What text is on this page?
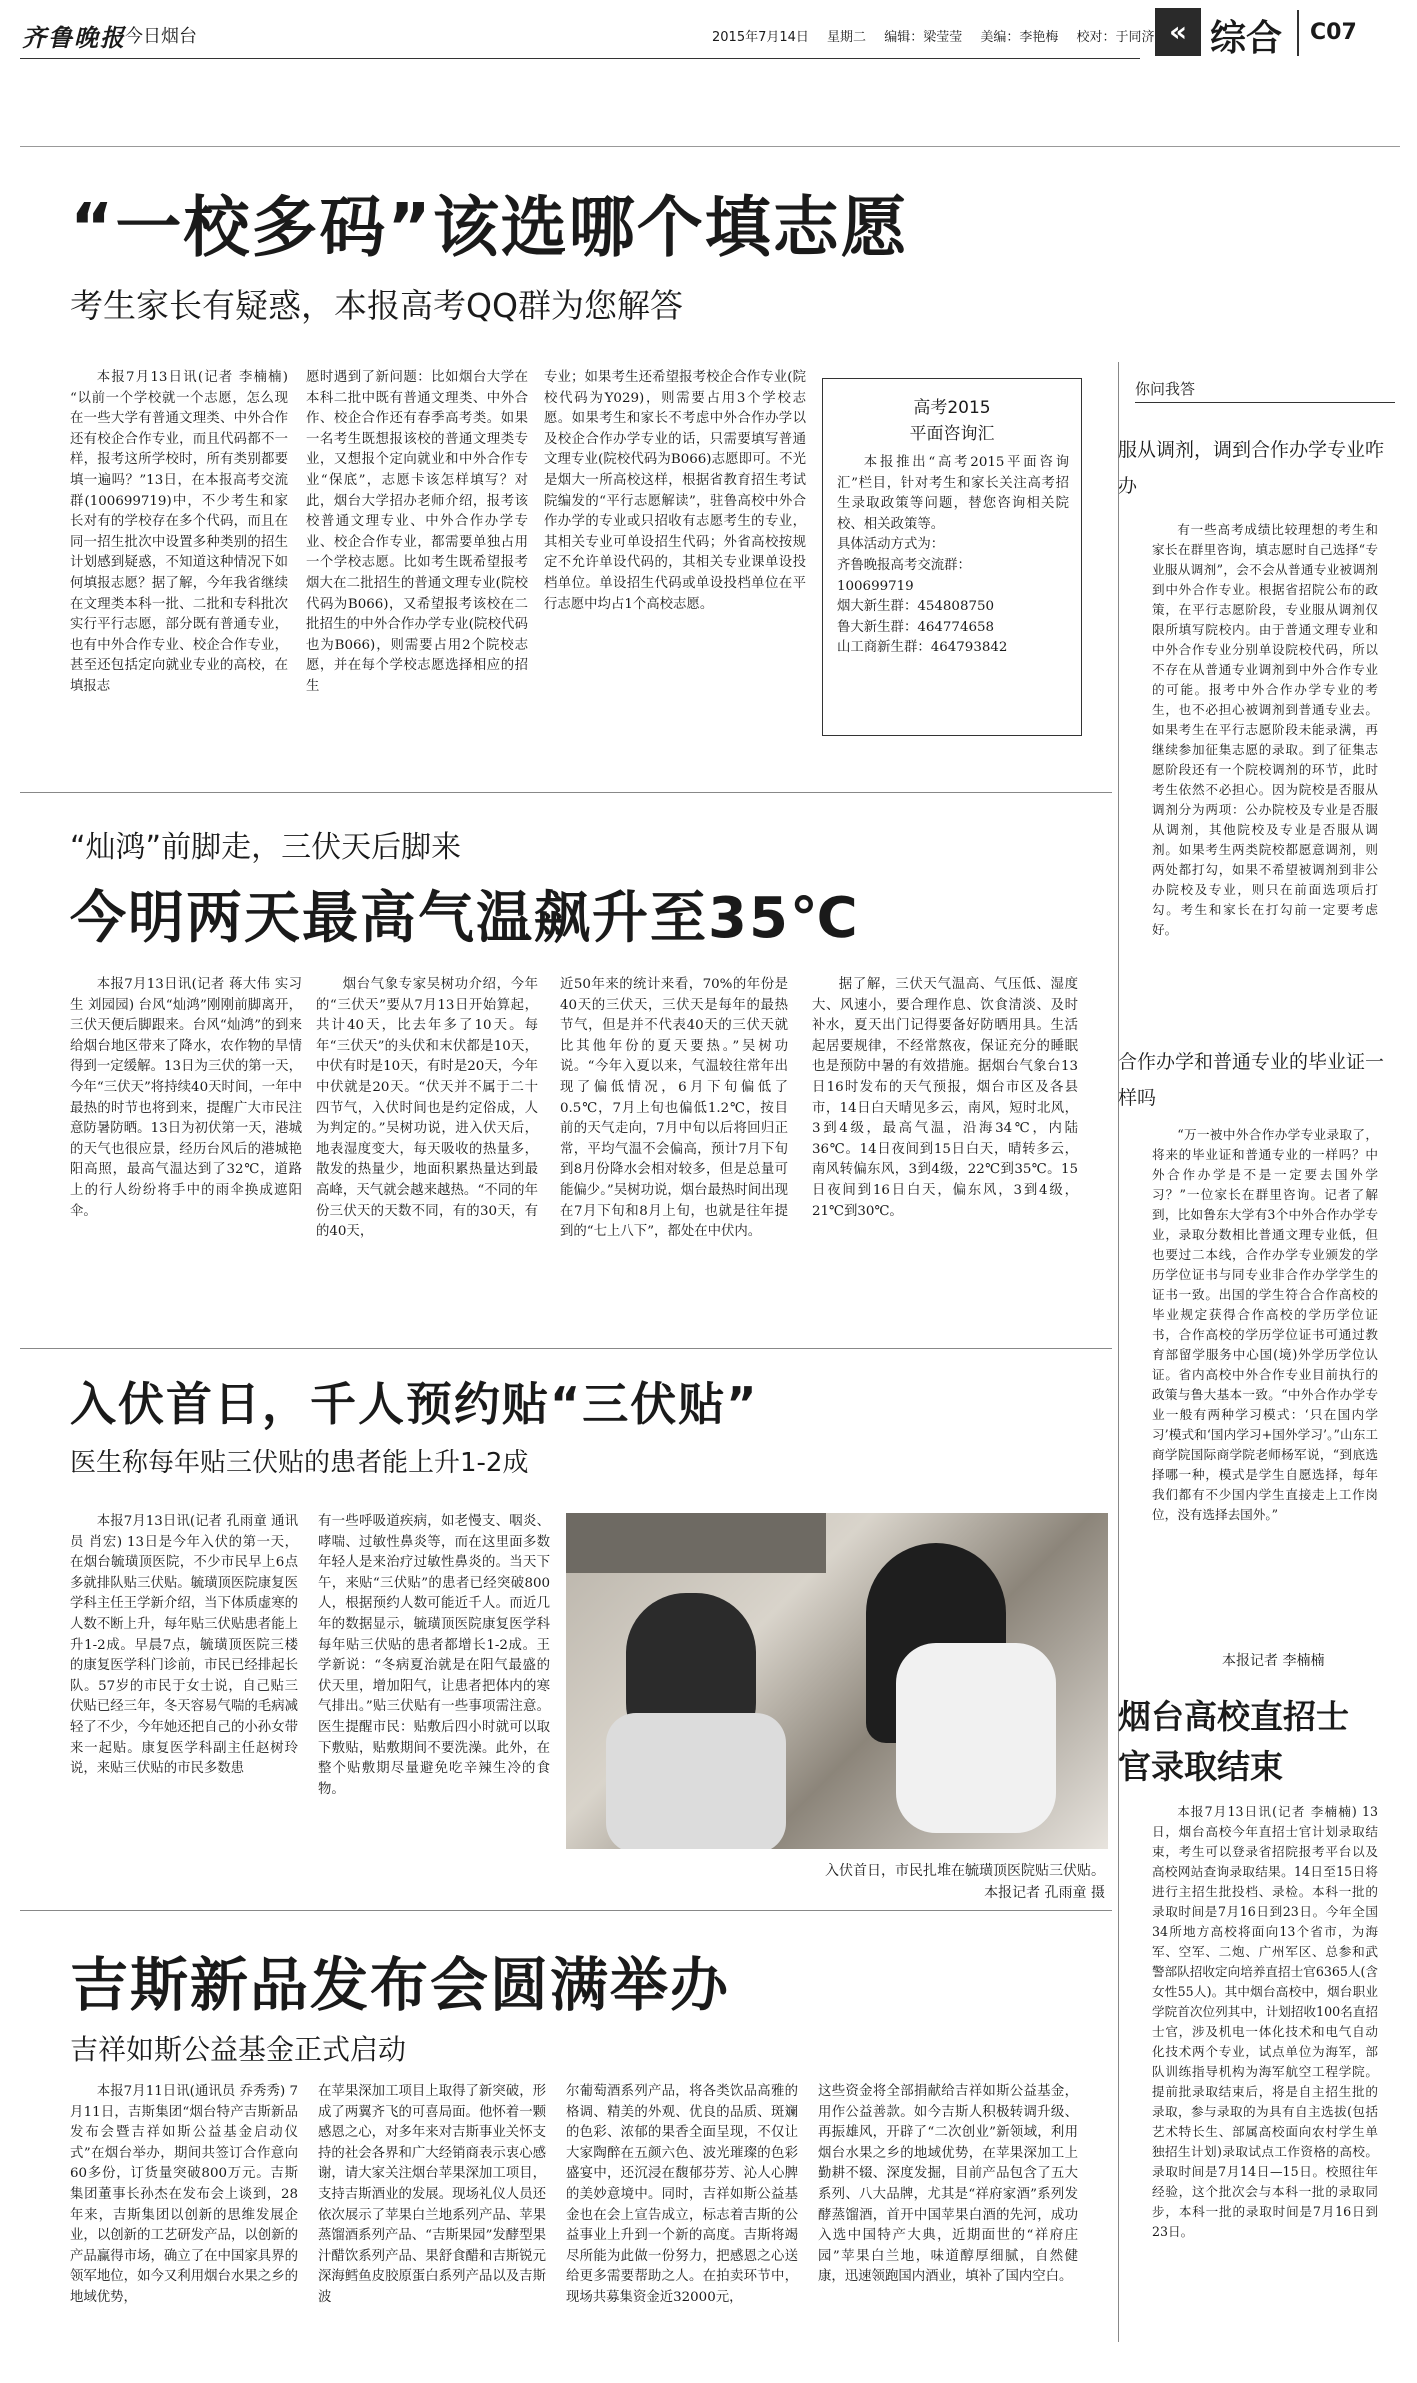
齐鲁晚报 今日烟台	2015年7月14日 星期二 编辑：梁莹莹 美编：李艳梅 校对：于同济 « 综合 C07
“一校多码”该选哪个填志愿
考生家长有疑惑，本报高考QQ群为您解答

本报7月13日讯(记者 李楠楠) “以前一个学校就一个志愿，怎么现在一些大学有普通文理类、中外合作还有校企合作专业，而且代码都不一样，报考这所学校时，所有类别都要填一遍吗？”13日，在本报高考交流群(100699719)中，不少考生和家长对有的学校存在多个代码，而且在同一招生批次中设置多种类别的招生计划感到疑惑，不知道这种情况下如何填报志愿？据了解，今年我省继续在文理类本科一批、二批和专科批次实行平行志愿，部分既有普通专业，也有中外合作专业、校企合作专业，甚至还包括定向就业专业的高校，在填报志

愿时遇到了新问题：比如烟台大学在本科二批中既有普通文理类、中外合作、校企合作还有春季高考类。如果一名考生既想报该校的普通文理类专业，又想报个定向就业和中外合作专业“保底”，志愿卡该怎样填写？对此，烟台大学招办老师介绍，报考该校普通文理专业、中外合作办学专业、校企合作专业，都需要单独占用一个学校志愿。比如考生既希望报考烟大在二批招生的普通文理专业(院校代码为B066)，又希望报考该校在二批招生的中外合作办学专业(院校代码也为B066)，则需要占用2个院校志愿，并在每个学校志愿选择相应的招生

专业；如果考生还希望报考校企合作专业(院校代码为Y029)，则需要占用3个学校志愿。如果考生和家长不考虑中外合作办学以及校企合作办学专业的话，只需要填写普通文理专业(院校代码为B066)志愿即可。不光是烟大一所高校这样，根据省教育招生考试院编发的“平行志愿解读”，驻鲁高校中外合作办学的专业或只招收有志愿考生的专业，其相关专业可单设招生代码；外省高校按规定不允许单设代码的，其相关专业课单设投档单位。单设招生代码或单设投档单位在平行志愿中均占1个高校志愿。

高考2015
平面咨询汇
本报推出“高考2015平面咨询汇”栏目，针对考生和家长关注高考招生录取政策等问题，替您咨询相关院校、相关政策等。
具体活动方式为：
齐鲁晚报高考交流群：
100699719
烟大新生群：454808750
鲁大新生群：464774658
山工商新生群：464793842
你问我答
服从调剂，调到合作办学专业咋办

有一些高考成绩比较理想的考生和家长在群里咨询，填志愿时自己选择“专业服从调剂”，会不会从普通专业被调剂到中外合作专业。根据省招院公布的政策，在平行志愿阶段，专业服从调剂仅限所填写院校内。由于普通文理专业和中外合作专业分别单设院校代码，所以不存在从普通专业调剂到中外合作专业的可能。报考中外合作办学专业的考生，也不必担心被调剂到普通专业去。如果考生在平行志愿阶段未能录满，再继续参加征集志愿的录取。到了征集志愿阶段还有一个院校调剂的环节，此时考生依然不必担心。因为院校是否服从调剂分为两项：公办院校及专业是否服从调剂，其他院校及专业是否服从调剂。如果考生两类院校都愿意调剂，则两处都打勾，如果不希望被调剂到非公办院校及专业，则只在前面选项后打勾。考生和家长在打勾前一定要考虑好。

合作办学和普通专业的毕业证一样吗

“万一被中外合作办学专业录取了，将来的毕业证和普通专业的一样吗？中外合作办学是不是一定要去国外学习？”一位家长在群里咨询。记者了解到，比如鲁东大学有3个中外合作办学专业，录取分数相比普通文理专业低，但也要过二本线，合作办学专业颁发的学历学位证书与同专业非合作办学学生的证书一致。出国的学生符合合作高校的毕业规定获得合作高校的学历学位证书，合作高校的学历学位证书可通过教育部留学服务中心国(境)外学历学位认证。省内高校中外合作专业目前执行的政策与鲁大基本一致。“中外合作办学专业一般有两种学习模式：‘只在国内学习’模式和‘国内学习+国外学习’。”山东工商学院国际商学院老师杨军说，“到底选择哪一种，模式是学生自愿选择，每年我们都有不少国内学生直接走上工作岗位，没有选择去国外。”

本报记者 李楠楠
烟台高校直招士官录取结束

本报7月13日讯(记者 李楠楠) 13日，烟台高校今年直招士官计划录取结束，考生可以登录省招院报考平台以及高校网站查询录取结果。14日至15日将进行主招生批投档、录检。本科一批的录取时间是7月16日到23日。今年全国34所地方高校将面向13个省市，为海军、空军、二炮、广州军区、总参和武警部队招收定向培养直招士官6365人(含女性55人)。其中烟台高校中，烟台职业学院首次位列其中，计划招收100名直招士官，涉及机电一体化技术和电气自动化技术两个专业，试点单位为海军，部队训练指导机构为海军航空工程学院。提前批录取结束后，将是自主招生批的录取，参与录取的为具有自主选拔(包括艺术特长生、部属高校面向农村学生单独招生计划)录取试点工作资格的高校。录取时间是7月14日—15日。校照往年经验，这个批次会与本科一批的录取同步，本科一批的录取时间是7月16日到23日。

“灿鸿”前脚走，三伏天后脚来
今明两天最高气温飙升至35℃

本报7月13日讯(记者 蒋大伟 实习生 刘园园) 台风“灿鸿”刚刚前脚离开，三伏天便后脚跟来。台风“灿鸿”的到来给烟台地区带来了降水，农作物的旱情得到一定缓解。13日为三伏的第一天，今年“三伏天”将持续40天时间，一年中最热的时节也将到来，提醒广大市民注意防暑防晒。13日为初伏第一天，港城的天气也很应景，经历台风后的港城艳阳高照，最高气温达到了32℃，道路上的行人纷纷将手中的雨伞换成遮阳伞。

烟台气象专家吴树功介绍，今年的“三伏天”要从7月13日开始算起，共计40天，比去年多了10天。每年“三伏天”的头伏和末伏都是10天，中伏有时是10天，有时是20天，今年中伏就是20天。“伏天并不属于二十四节气，入伏时间也是约定俗成，人为判定的。”吴树功说，进入伏天后，地表湿度变大，每天吸收的热量多，散发的热量少，地面积累热量达到最高峰，天气就会越来越热。“不同的年份三伏天的天数不同，有的30天，有的40天，

近50年来的统计来看，70%的年份是40天的三伏天，三伏天是每年的最热节气，但是并不代表40天的三伏天就比其他年份的夏天要热。”吴树功说。“今年入夏以来，气温较往常年出现了偏低情况，6月下旬偏低了0.5℃，7月上旬也偏低1.2℃，按目前的天气走向，7月中旬以后将回归正常，平均气温不会偏高，预计7月下旬到8月份降水会相对较多，但是总量可能偏少。”吴树功说，烟台最热时间出现在7月下旬和8月上旬，也就是往年提到的“七上八下”，都处在中伏内。

据了解，三伏天气温高、气压低、湿度大、风速小，要合理作息、饮食清淡、及时补水，夏天出门记得要备好防晒用具。生活起居要规律，不经常熬夜，保证充分的睡眠也是预防中暑的有效措施。据烟台气象台13日16时发布的天气预报，烟台市区及各县市，14日白天晴见多云，南风，短时北风，3到4级，最高气温，沿海34℃，内陆36℃。14日夜间到15日白天，晴转多云，南风转偏东风，3到4级，22℃到35℃。15日夜间到16日白天，偏东风，3到4级，21℃到30℃。

入伏首日，千人预约贴“三伏贴”
医生称每年贴三伏贴的患者能上升1-2成

本报7月13日讯(记者 孔雨童 通讯员 肖宏) 13日是今年入伏的第一天，在烟台毓璜顶医院，不少市民早上6点多就排队贴三伏贴。毓璜顶医院康复医学科主任王学新介绍，当下体质虚寒的人数不断上升，每年贴三伏贴患者能上升1-2成。早晨7点，毓璜顶医院三楼的康复医学科门诊前，市民已经排起长队。57岁的市民于女士说，自己贴三伏贴已经三年，冬天容易气喘的毛病减轻了不少，今年她还把自己的小孙女带来一起贴。康复医学科副主任赵树玲说，来贴三伏贴的市民多数患

有一些呼吸道疾病，如老慢支、咽炎、哮喘、过敏性鼻炎等，而在这里面多数年轻人是来治疗过敏性鼻炎的。当天下午，来贴“三伏贴”的患者已经突破800人，根据预约人数可能近千人。而近几年的数据显示，毓璜顶医院康复医学科每年贴三伏贴的患者都增长1-2成。王学新说：“冬病夏治就是在阳气最盛的伏天里，增加阳气，让患者把体内的寒气排出。”贴三伏贴有一些事项需注意。医生提醒市民：贴敷后四小时就可以取下敷贴，贴敷期间不要洗澡。此外，在整个贴敷期尽量避免吃辛辣生冷的食物。

入伏首日，市民扎堆在毓璜顶医院贴三伏贴。
本报记者 孔雨童 摄
吉斯新品发布会圆满举办
吉祥如斯公益基金正式启动

本报7月11日讯(通讯员 乔秀秀) 7月11日，吉斯集团“烟台特产吉斯新品发布会暨吉祥如斯公益基金启动仪式”在烟台举办，期间共签订合作意向60多份，订货量突破800万元。吉斯集团董事长孙杰在发布会上谈到，28年来，吉斯集团以创新的思维发展企业，以创新的工艺研发产品，以创新的产品赢得市场，确立了在中国家具界的领军地位，如今又利用烟台水果之乡的地域优势，

在苹果深加工项目上取得了新突破，形成了两翼齐飞的可喜局面。他怀着一颗感恩之心，对多年来对吉斯事业关怀支持的社会各界和广大经销商表示衷心感谢，请大家关注烟台苹果深加工项目，支持吉斯酒业的发展。现场礼仪人员还依次展示了苹果白兰地系列产品、苹果蒸馏酒系列产品、“吉斯果园”发酵型果汁醋饮系列产品、果舒食醋和吉斯锐元深海鳕鱼皮胶原蛋白系列产品以及吉斯波

尔葡萄酒系列产品，将各类饮品高雅的格调、精美的外观、优良的品质、斑斓的色彩、浓郁的果香全面呈现，不仅让大家陶醉在五颜六色、波光璀璨的色彩盛宴中，还沉浸在馥郁芬芳、沁人心脾的美妙意境中。同时，吉祥如斯公益基金也在会上宣告成立，标志着吉斯的公益事业上升到一个新的高度。吉斯将竭尽所能为此做一份努力，把感恩之心送给更多需要帮助之人。在拍卖环节中，现场共募集资金近32000元，

这些资金将全部捐献给吉祥如斯公益基金，用作公益善款。如今吉斯人积极转调升级、再振雄风，开辟了“二次创业”新领域，利用烟台水果之乡的地域优势，在苹果深加工上勤耕不辍、深度发掘，目前产品包含了五大系列、八大品牌，尤其是“祥府家酒”系列发酵蒸馏酒，首开中国苹果白酒的先河，成功入选中国特产大典，近期面世的“祥府庄园”苹果白兰地，味道醇厚细腻，自然健康，迅速领跑国内酒业，填补了国内空白。
